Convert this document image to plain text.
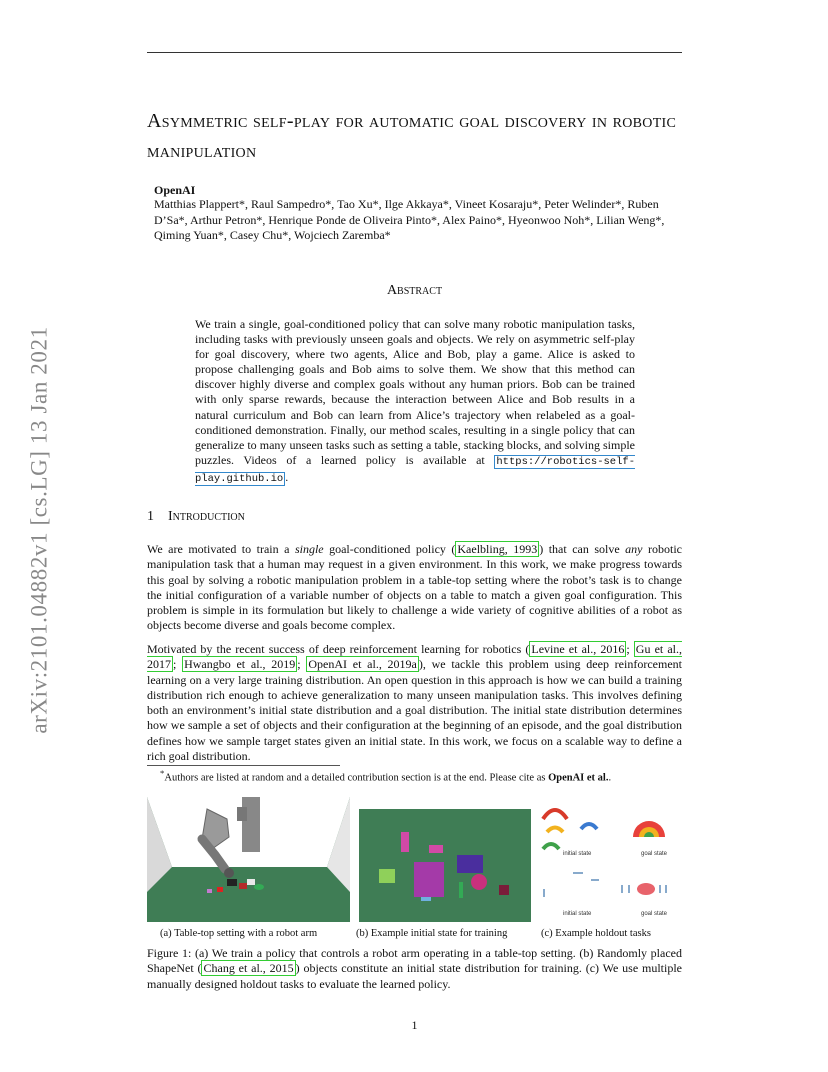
arXiv:2101.04882v1 [cs.LG] 13 Jan 2021
Asymmetric self-play for automatic goal discovery in robotic manipulation
OpenAI
Matthias Plappert*, Raul Sampedro*, Tao Xu*, Ilge Akkaya*, Vineet Kosaraju*, Peter Welinder*, Ruben D’Sa*, Arthur Petron*, Henrique Ponde de Oliveira Pinto*, Alex Paino*, Hyeonwoo Noh*, Lilian Weng*, Qiming Yuan*, Casey Chu*, Wojciech Zaremba*
Abstract
We train a single, goal-conditioned policy that can solve many robotic manipulation tasks, including tasks with previously unseen goals and objects. We rely on asymmetric self-play for goal discovery, where two agents, Alice and Bob, play a game. Alice is asked to propose challenging goals and Bob aims to solve them. We show that this method can discover highly diverse and complex goals without any human priors. Bob can be trained with only sparse rewards, because the interaction between Alice and Bob results in a natural curriculum and Bob can learn from Alice’s trajectory when relabeled as a goal-conditioned demonstration. Finally, our method scales, resulting in a single policy that can generalize to many unseen tasks such as setting a table, stacking blocks, and solving simple puzzles. Videos of a learned policy is available at https://robotics-self-play.github.io .
1 Introduction
We are motivated to train a single goal-conditioned policy ( Kaelbling, 1993 ) that can solve any robotic manipulation task that a human may request in a given environment. In this work, we make progress towards this goal by solving a robotic manipulation problem in a table-top setting where the robot’s task is to change the initial configuration of a variable number of objects on a table to match a given goal configuration. This problem is simple in its formulation but likely to challenge a wide variety of cognitive abilities of a robot as objects become diverse and goals become complex.
Motivated by the recent success of deep reinforcement learning for robotics ( Levine et al., 2016 ; Gu et al., 2017 ; Hwangbo et al., 2019 ; OpenAI et al., 2019a ), we tackle this problem using deep reinforcement learning on a very large training distribution. An open question in this approach is how we can build a training distribution rich enough to achieve generalization to many unseen manipulation tasks. This involves defining both an environment’s initial state distribution and a goal distribution. The initial state distribution determines how we sample a set of objects and their configuration at the beginning of an episode, and the goal distribution defines how we sample target states given an initial state. In this work, we focus on a scalable way to define a rich goal distribution.
*Authors are listed at random and a detailed contribution section is at the end. Please cite as OpenAI et al..
initial state	goal state
initial state	goal state
(a) Table-top setting with a robot arm	(b) Example initial state for training	(c) Example holdout tasks
Figure 1: (a) We train a policy that controls a robot arm operating in a table-top setting. (b) Randomly placed ShapeNet ( Chang et al., 2015 ) objects constitute an initial state distribution for training. (c) We use multiple manually designed holdout tasks to evaluate the learned policy.
1
